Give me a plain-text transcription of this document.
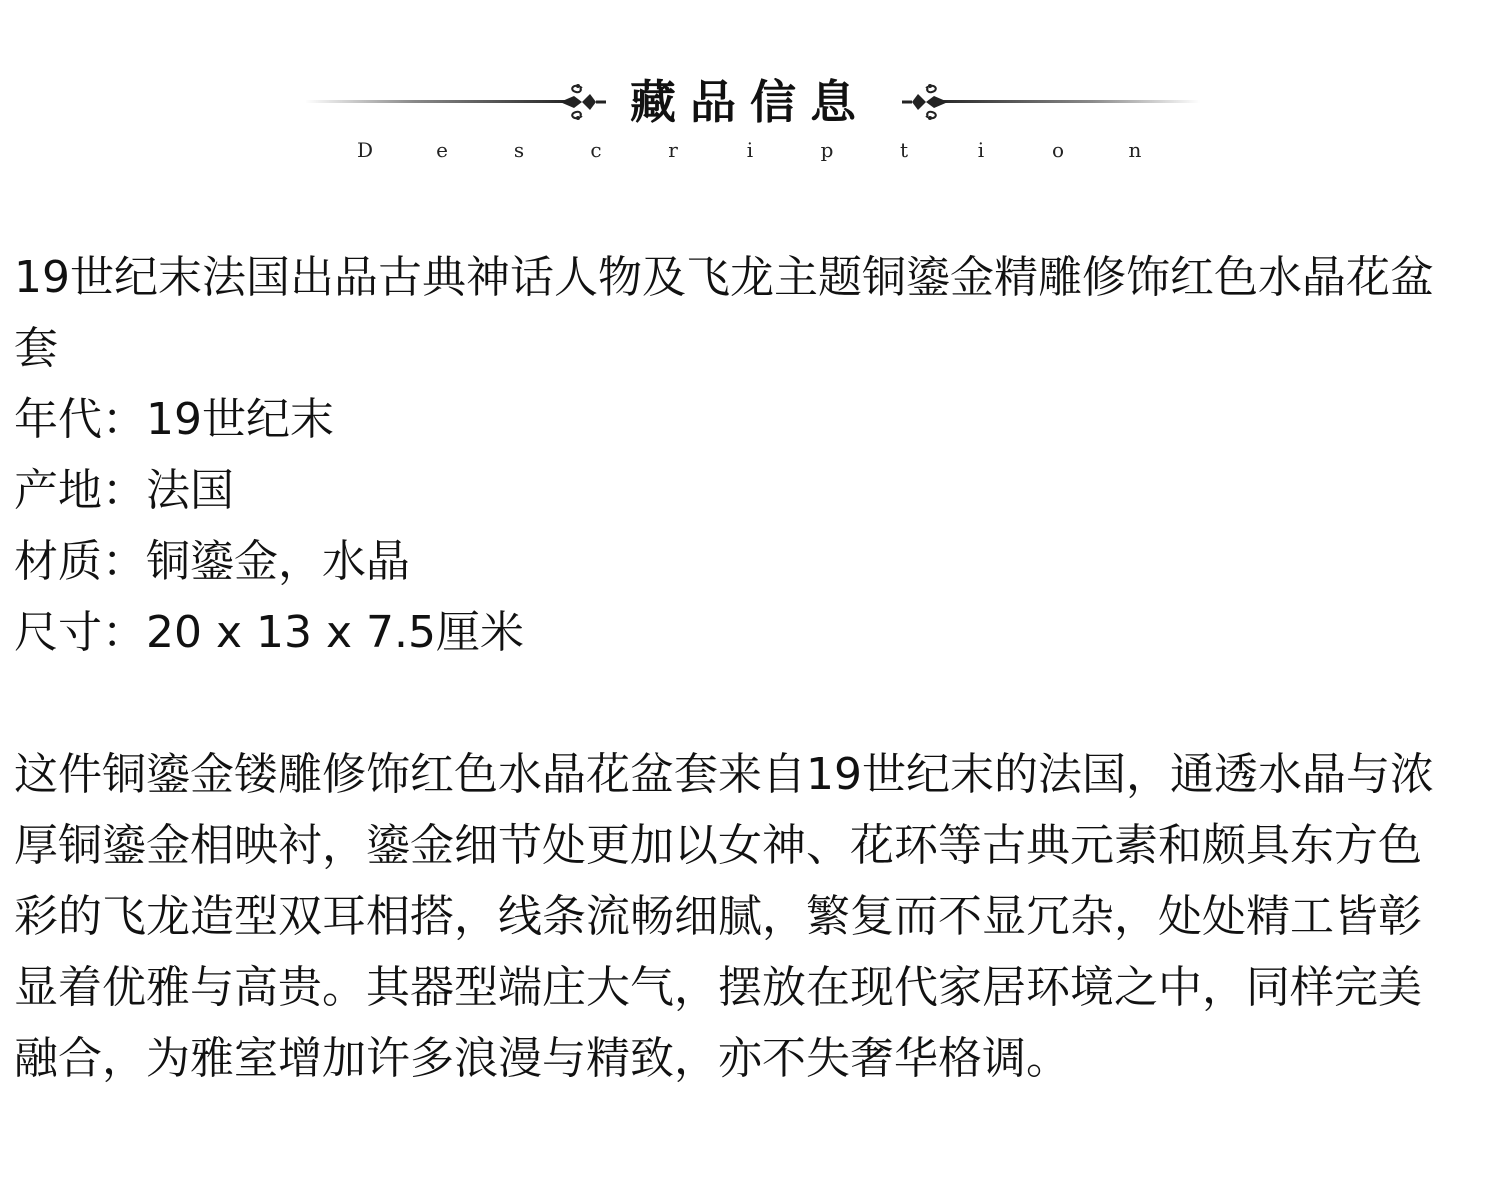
藏品信息
D	e	s	c	r	i	p	t	i	o	n

19世纪末法国出品古典神话人物及飞龙主题铜鎏金精雕修饰红色水晶花盆套

年代：19世纪末

产地：法国

材质：铜鎏金，水晶

尺寸：20 x 13 x 7.5厘米

这件铜鎏金镂雕修饰红色水晶花盆套来自19世纪末的法国，通透水晶与浓厚铜鎏金相映衬，鎏金细节处更加以女神、花环等古典元素和颇具东方色彩的飞龙造型双耳相搭，线条流畅细腻，繁复而不显冗杂，处处精工皆彰显着优雅与高贵。其器型端庄大气，摆放在现代家居环境之中，同样完美融合，为雅室增加许多浪漫与精致，亦不失奢华格调。
